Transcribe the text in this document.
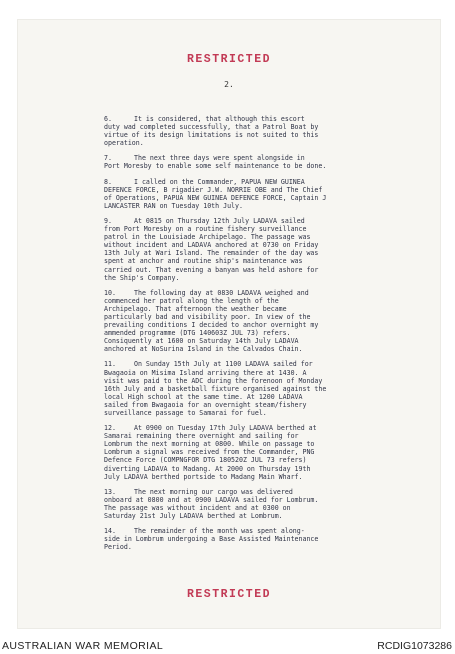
RESTRICTED
2.
6.	It is considered, that although this escort
duty wad completed successfully, that a Patrol Boat by
virtue of its design limitations is not suited to this
operation.
7.	The next three days were spent alongside in
Port Moresby to enable some self maintenance to be done.
8.	I called on the Commander, PAPUA NEW GUINEA
DEFENCE FORCE, B rigadier J.W. NORRIE OBE and The Chief
of Operations, PAPUA NEW GUINEA DEFENCE FORCE, Captain J
LANCASTER RAN on Tuesday 10th July.
9.	At 0815 on Thursday 12th July LADAVA sailed
from Port Moresby on a routine fishery surveillance
patrol in the Louisiade Archipelago. The passage was
without incident and LADAVA anchored at 0730 on Friday
13th July at Wari Island. The remainder of the day was
spent at anchor and routine ship's maintenance was
carried out. That evening a banyan was held ashore for
the Ship's Company.
10.	The following day at 0830 LADAVA weighed and
commenced her patrol along the length of the
Archipelago. That afternoon the weather became
particularly bad and visibility poor. In view of the
prevailing conditions I decided to anchor overnight my
ammended programme (DTG 140603Z JUL 73) refers.
Consiquently at 1600 on Saturday 14th July LADAVA
anchored at NoSurina Island in the Calvados Chain.
11.	On Sunday 15th July at 1100 LADAVA sailed for
Bwagaoia on Misima Island arriving there at 1430. A
visit was paid to the ADC during the forenoon of Monday
16th July and a basketball fixture organised against the
local High school at the same time. At 1200 LADAVA
sailed from Bwagaoia for an overnight steam/fishery
surveillance passage to Samarai for fuel.
12.	At 0900 on Tuesday 17th July LADAVA berthed at
Samarai remaining there overnight and sailing for
Lombrum the next morning at 0800. While on passage to
Lombrum a signal was received from the Commander, PNG
Defence Force (COMPNGFOR DTG 180520Z JUL 73 refers)
diverting LADAVA to Madang. At 2000 on Thursday 19th
July LADAVA berthed portside to Madang Main Wharf.
13.	The next morning our cargo was delivered
onboard at 0800 and at 0900 LADAVA sailed for Lombrum.
The passage was without incident and at 0300 on
Saturday 21st July LADAVA berthed at Lombrum.
14.	The remainder of the month was spent along-
side in Lombrum undergoing a Base Assisted Maintenance
Period.
RESTRICTED
AUSTRALIAN WAR MEMORIAL	RCDIG1073286
